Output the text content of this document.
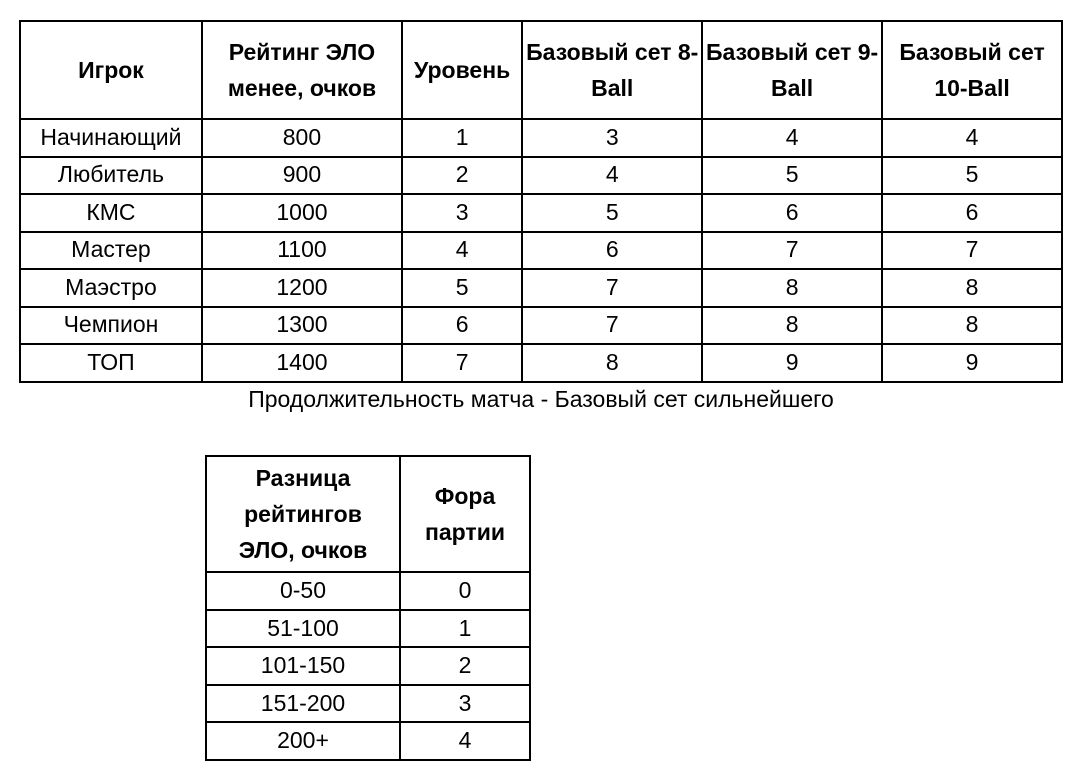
Игрок	Рейтинг ЭЛО менее, очков	Уровень	Базовый сет 8-Ball	Базовый сет 9-Ball	Базовый сет 10-Ball
Начинающий	800	1	3	4	4
Любитель	900	2	4	5	5
КМС	1000	3	5	6	6
Мастер	1100	4	6	7	7
Маэстро	1200	5	7	8	8
Чемпион	1300	6	7	8	8
ТОП	1400	7	8	9	9
Продолжительность матча - Базовый сет сильнейшего
Разница рейтингов ЭЛО, очков	Фора партии
0-50	0
51-100	1
101-150	2
151-200	3
200+	4
